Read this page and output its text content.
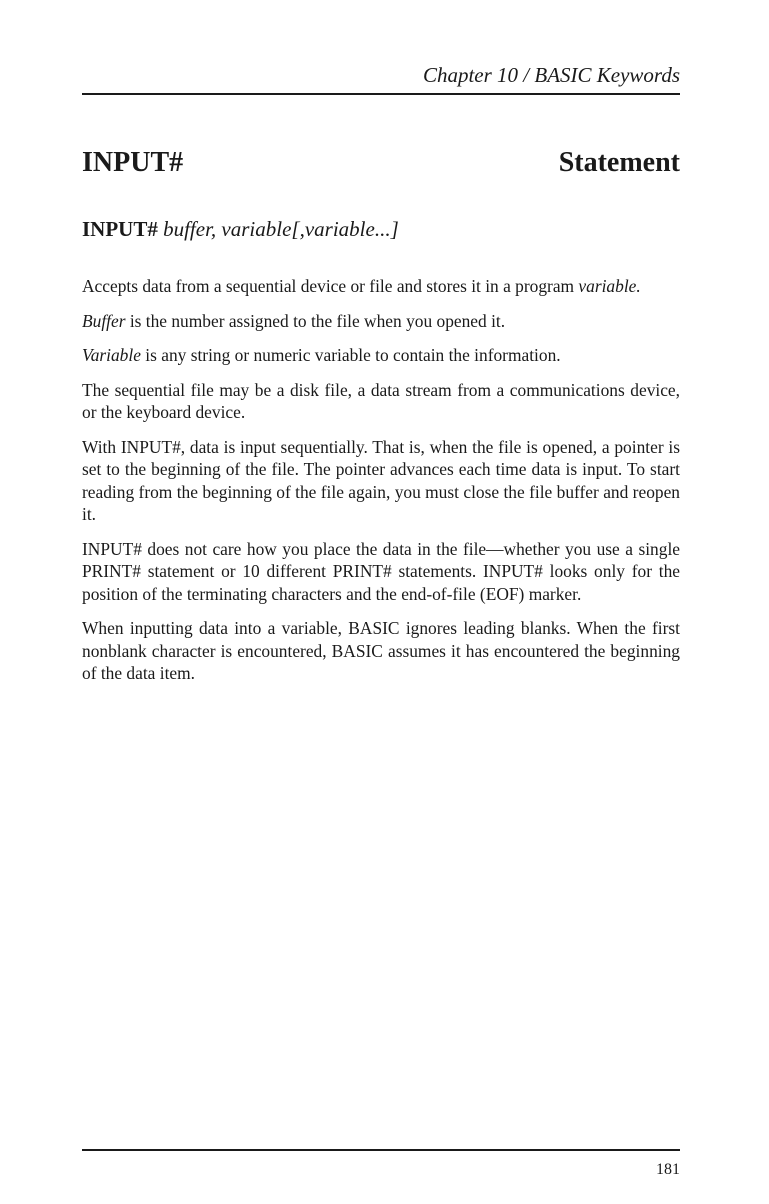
Chapter 10 / BASIC Keywords
INPUT#	Statement
INPUT# buffer, variable[,variable...]

Accepts data from a sequential device or file and stores it in a program variable.

Buffer is the number assigned to the file when you opened it.

Variable is any string or numeric variable to contain the information.

The sequential file may be a disk file, a data stream from a communications device, or the keyboard device.

With INPUT#, data is input sequentially. That is, when the file is opened, a pointer is set to the beginning of the file. The pointer advances each time data is input. To start reading from the beginning of the file again, you must close the file buffer and reopen it.

INPUT# does not care how you place the data in the file—whether you use a single PRINT# statement or 10 different PRINT# statements. INPUT# looks only for the position of the terminating characters and the end-of-file (EOF) marker.

When inputting data into a variable, BASIC ignores leading blanks. When the first nonblank character is encountered, BASIC assumes it has encountered the beginning of the data item.

181
